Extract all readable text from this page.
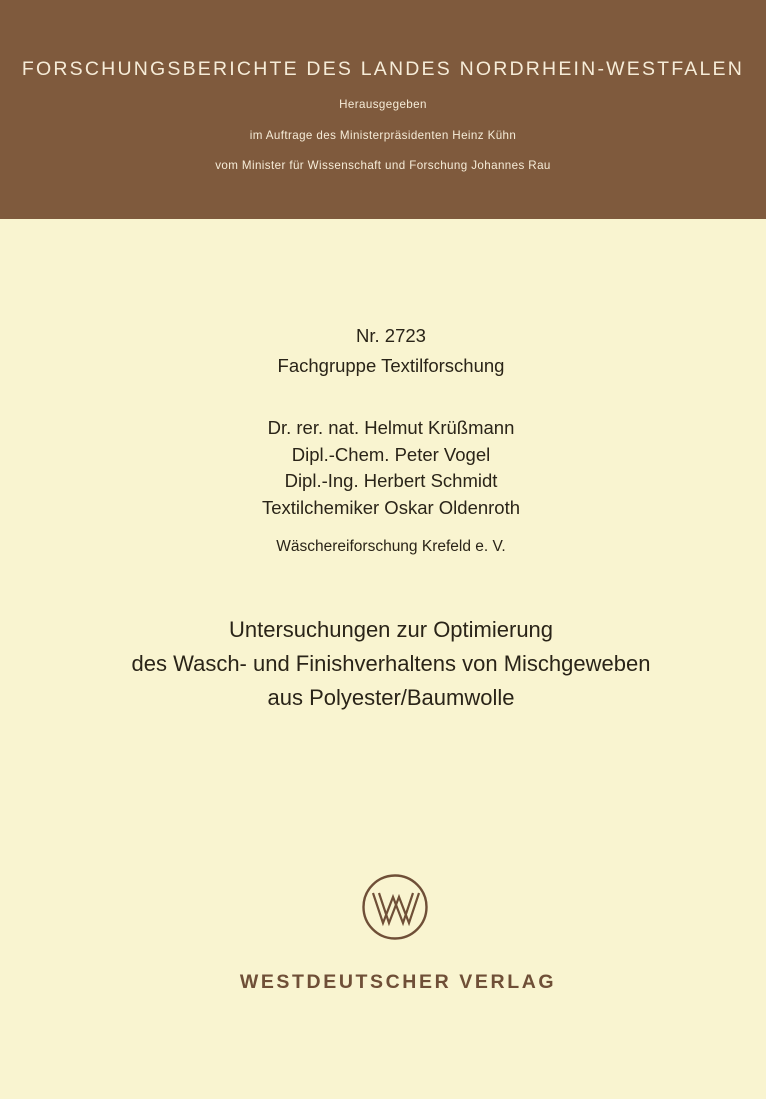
FORSCHUNGSBERICHTE DES LANDES NORDRHEIN-WESTFALEN
Herausgegeben
im Auftrage des Ministerpräsidenten Heinz Kühn
vom Minister für Wissenschaft und Forschung Johannes Rau
Nr. 2723
Fachgruppe Textilforschung
Dr. rer. nat. Helmut Krüßmann
Dipl.-Chem. Peter Vogel
Dipl.-Ing. Herbert Schmidt
Textilchemiker Oskar Oldenroth
Wäschereiforschung Krefeld e. V.
Untersuchungen zur Optimierung
des Wasch- und Finishverhaltens von Mischgeweben
aus Polyester/Baumwolle
WESTDEUTSCHER VERLAG
